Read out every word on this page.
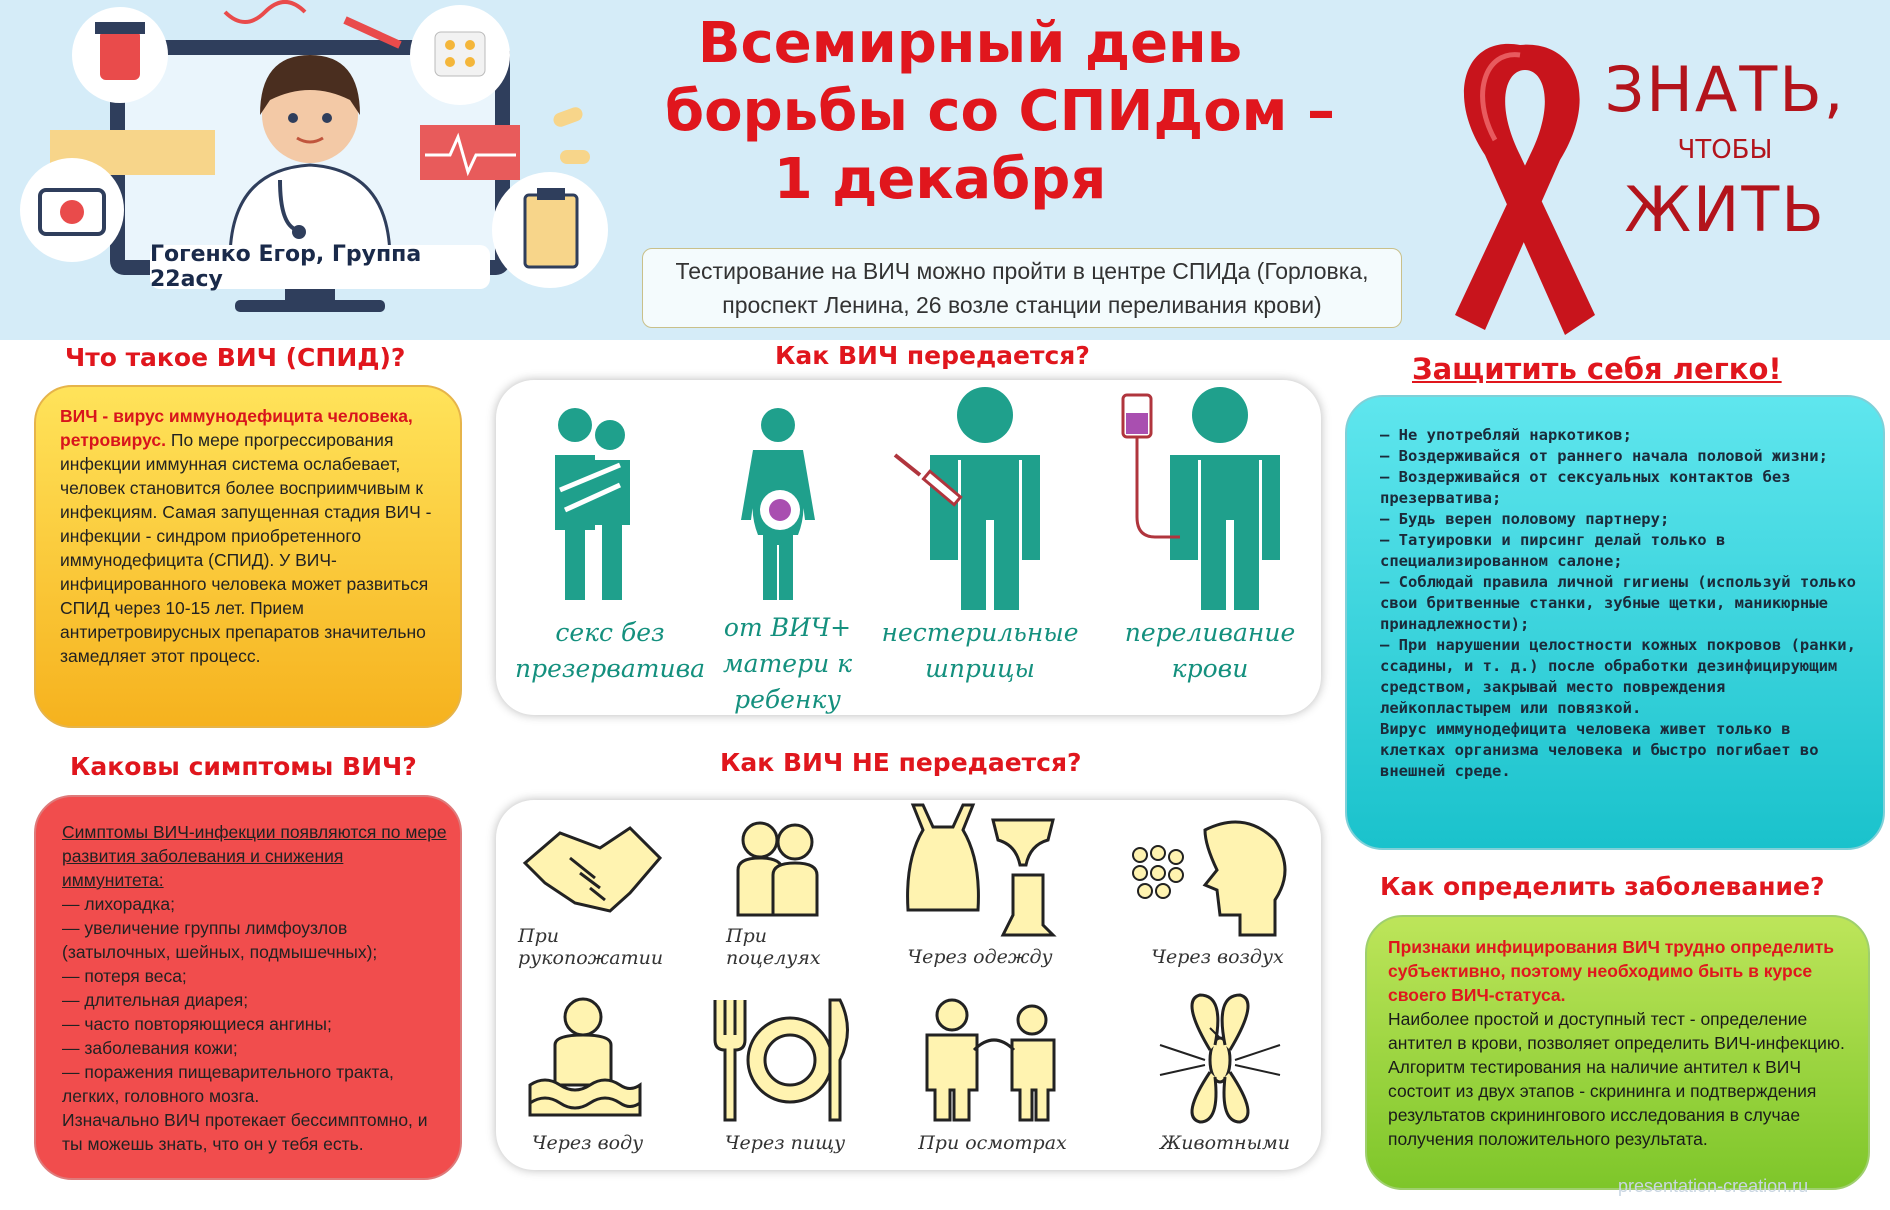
Гогенко Егор, Группа 22асу
Всемирный день
борьбы со СПИДом –
1 декабря
Тестирование на ВИЧ можно пройти в центре СПИДа (Горловка, проспект Ленина, 26 возле станции переливания крови)
ЗНАТЬ,
ЧТОБЫ
ЖИТЬ
Что такое ВИЧ (СПИД)?
ВИЧ - вирус иммунодефицита человека, ретровирус. По мере прогрессирования инфекции иммунная система ослабевает, человек становится более восприимчивым к инфекциям. Самая запущенная стадия ВИЧ - инфекции - синдром приобретенного иммунодефицита (СПИД). У ВИЧ-инфицированного человека может развиться СПИД через 10-15 лет. Прием антиретровирусных препаратов значительно замедляет этот процесс.
Каковы симптомы ВИЧ?
Симптомы ВИЧ-инфекции появляются по мере развития заболевания и снижения иммунитета:
— лихорадка;
— увеличение группы лимфоузлов (затылочных, шейных, подмышечных);
— потеря веса;
— длительная диарея;
— часто повторяющиеся ангины;
— заболевания кожи;
— поражения пищеварительного тракта, легких, головного мозга.
Изначально ВИЧ протекает бессимптомно, и ты можешь знать, что он у тебя есть.
Как ВИЧ передается?
секс без презерватива
от ВИЧ+ матери к ребенку
нестерильные шприцы
переливание крови
Как ВИЧ НЕ передается?
При рукопожатии
При поцелуях	Через одежду	Через воздух
Через воду	Через пищу	При осмотрах	Животными
Защитить себя легко!
— Не употребляй наркотиков;
— Воздерживайся от раннего начала половой жизни;
— Воздерживайся от сексуальных контактов без презерватива;
— Будь верен половому партнеру;
— Татуировки и пирсинг делай только в специализированном салоне;
— Соблюдай правила личной гигиены (используй только свои бритвенные станки, зубные щетки, маникюрные принадлежности);
— При нарушении целостности кожных покровов (ранки, ссадины, и т. д.) после обработки дезинфицирующим средством, закрывай место повреждения лейкопластырем или повязкой.
Вирус иммунодефицита человека живет только в клетках организма человека и быстро погибает во внешней среде.
Как определить заболевание?
Признаки инфицирования ВИЧ трудно определить субъективно, поэтому необходимо быть в курсе своего ВИЧ-статуса.
Наиболее простой и доступный тест - определение антител в крови, позволяет определить ВИЧ-инфекцию. Алгоритм тестирования на наличие антител к ВИЧ состоит из двух этапов - скрининга и подтверждения результатов скринингового исследования в случае получения положительного результата.
presentation-creation.ru
